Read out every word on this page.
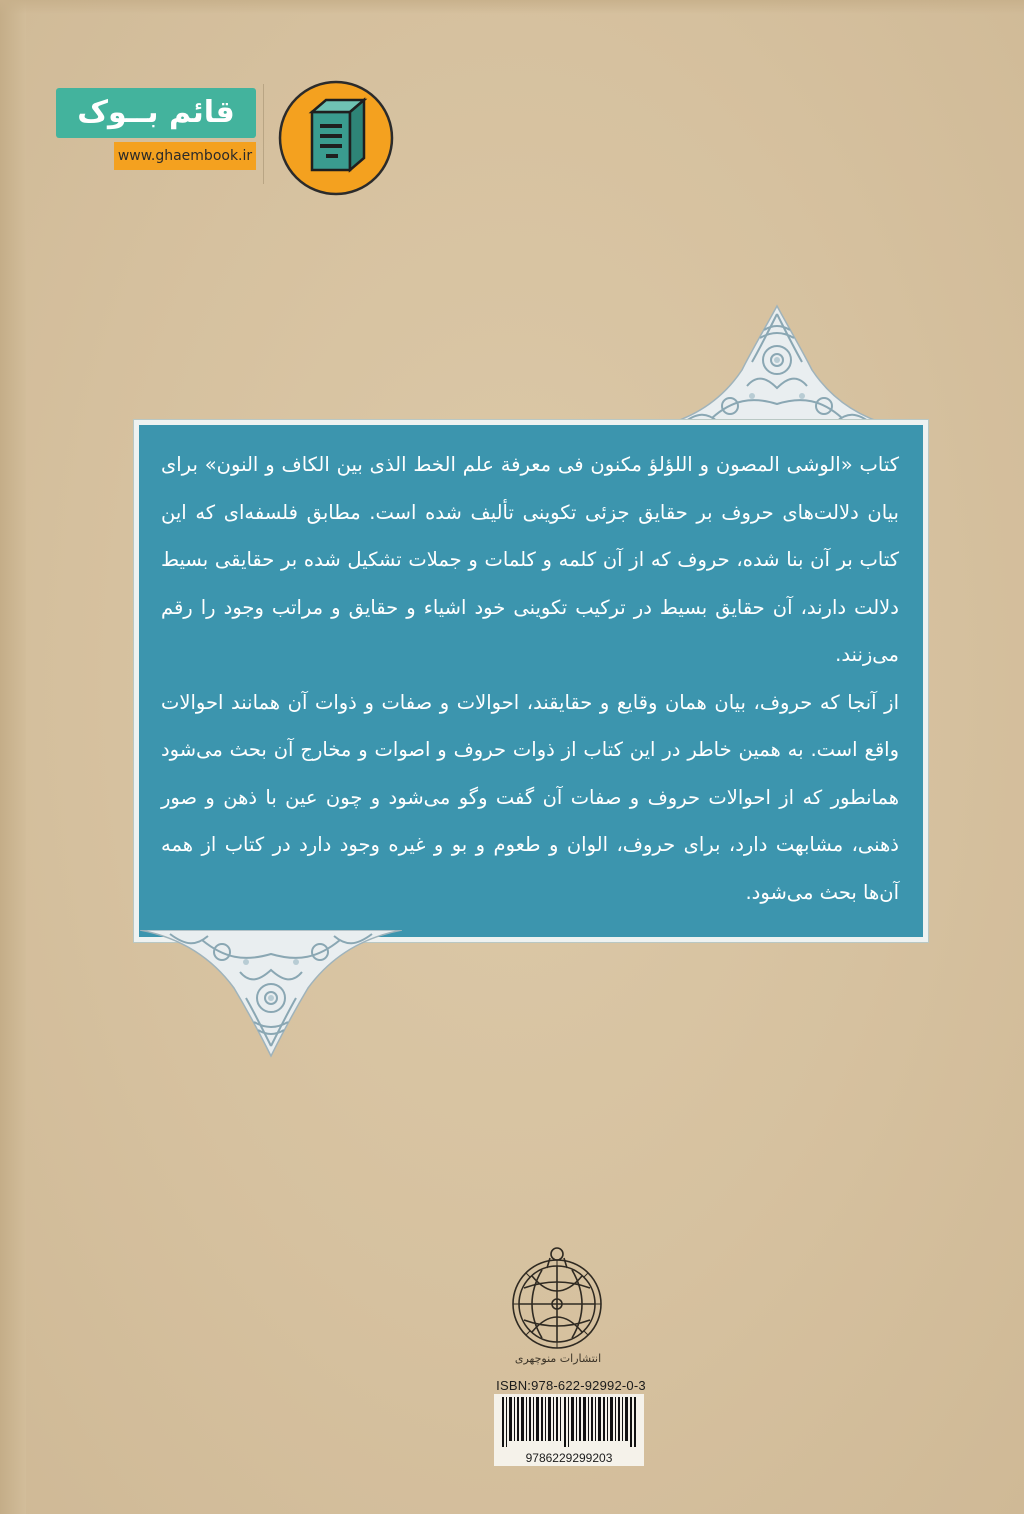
قائم بــوک
www.ghaembook.ir

کتاب «الوشی المصون و اللؤلؤ مکنون فی معرفة علم الخط الذی بین الکاف و النون» برای بیان دلالت‌های حروف بر حقایق جزئی تکوینی تألیف شده است. مطابق فلسفه‌ای که این کتاب بر آن بنا شده، حروف که از آن کلمه و کلمات و جملات تشکیل شده بر حقایقی بسیط دلالت دارند، آن حقایق بسیط در ترکیب تکوینی خود اشیاء و حقایق و مراتب وجود را رقم می‌زنند.

از آنجا که حروف، بیان همان وقایع و حقایقند، احوالات و صفات و ذوات آن همانند احوالات واقع است. به همین خاطر در این کتاب از ذوات حروف و اصوات و مخارج آن بحث می‌شود همانطور که از احوالات حروف و صفات آن گفت وگو می‌شود و چون عین با ذهن و صور ذهنی، مشابهت دارد، برای حروف، الوان و طعوم و بو و غیره وجود دارد در کتاب از همه آن‌ها بحث می‌شود.

انتشارات منوچهری
ISBN:978-622-92992-0-3
9786229299203
